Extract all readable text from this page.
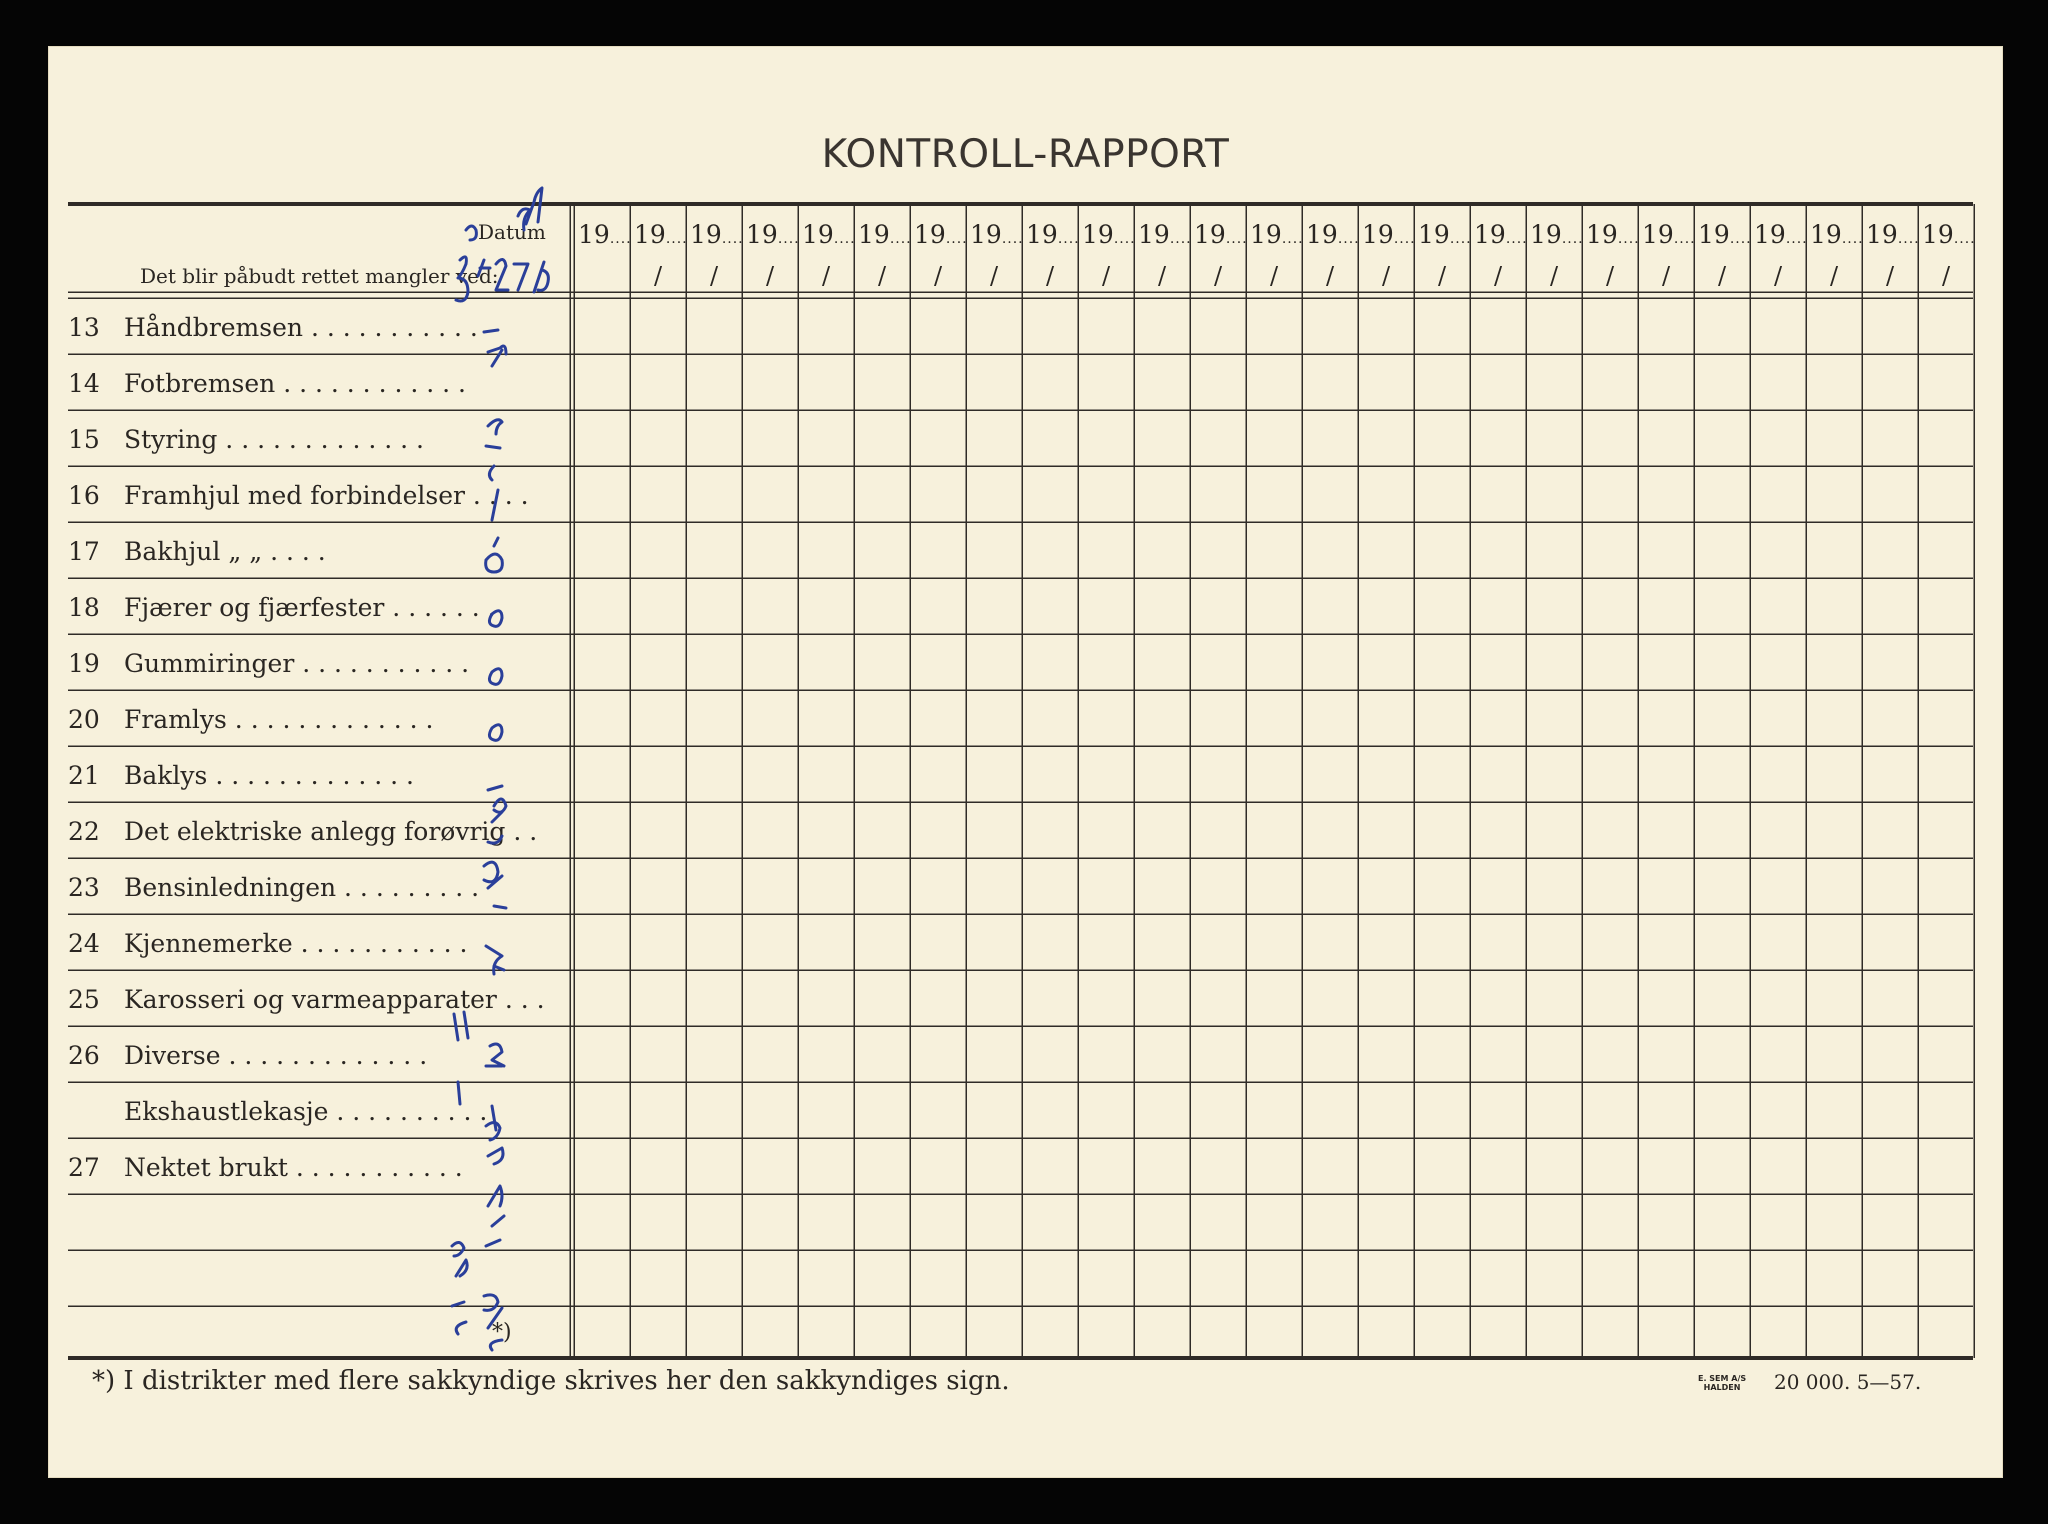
KONTROLL-RAPPORT
Datum
Det blir påbudt rettet mangler ved:
13 Håndbremsen . . . . . . . . . . .
14 Fotbremsen . . . . . . . . . . . .
15 Styring . . . . . . . . . . . . .
16 Framhjul med forbindelser . . . .
17 Bakhjul „ „ . . . .
18 Fjærer og fjærfester . . . . . . .
19 Gummiringer . . . . . . . . . . .
20 Framlys . . . . . . . . . . . . .
21 Baklys . . . . . . . . . . . . .
22 Det elektriske anlegg forøvrig . .
23 Bensinledningen . . . . . . . . .
24 Kjennemerke . . . . . . . . . . .
25 Karosseri og varmeapparater . . .
26 Diverse . . . . . . . . . . . . .
Ekshaustlekasje . . . . . . . . . .
27 Nektet brukt . . . . . . . . . . .
19.... 19....
/
19....
/
19....
/
19....
/
19....
/
19....
/
19....
/
19....
/
19....
/
19....
/
19....
/
19....
/
19....
/
19....
/
19....
/
19....
/
19....
/
19....
/
19....
/
19....
/
19....
/
19....
/
19....
/
19....
/
*)
*) I distrikter med flere sakkyndige skrives her den sakkyndiges sign.	E. SEM A/S
HALDEN 20 000. 5—57.
